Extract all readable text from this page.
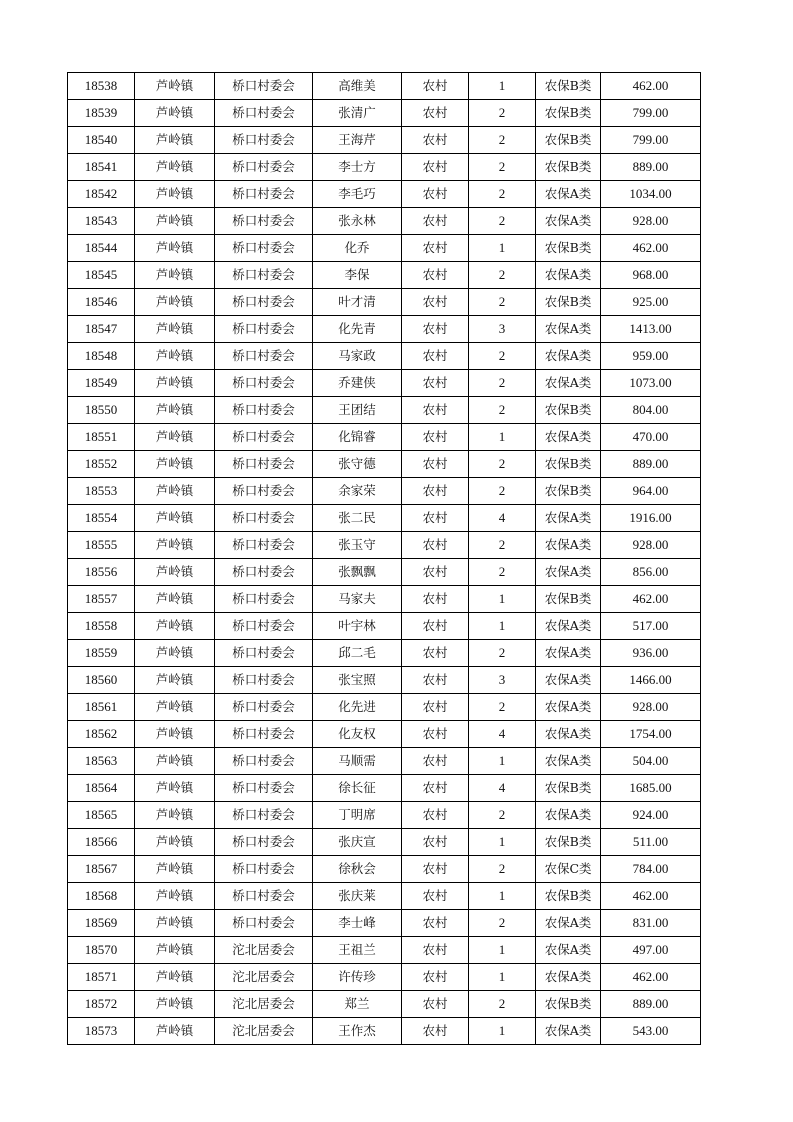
18538	芦岭镇	桥口村委会	高维美	农村	1	农保B类	462.00
18539	芦岭镇	桥口村委会	张清广	农村	2	农保B类	799.00
18540	芦岭镇	桥口村委会	王海芹	农村	2	农保B类	799.00
18541	芦岭镇	桥口村委会	李士方	农村	2	农保B类	889.00
18542	芦岭镇	桥口村委会	李毛巧	农村	2	农保A类	1034.00
18543	芦岭镇	桥口村委会	张永林	农村	2	农保A类	928.00
18544	芦岭镇	桥口村委会	化乔	农村	1	农保B类	462.00
18545	芦岭镇	桥口村委会	李保	农村	2	农保A类	968.00
18546	芦岭镇	桥口村委会	叶才清	农村	2	农保B类	925.00
18547	芦岭镇	桥口村委会	化先青	农村	3	农保A类	1413.00
18548	芦岭镇	桥口村委会	马家政	农村	2	农保A类	959.00
18549	芦岭镇	桥口村委会	乔建侠	农村	2	农保A类	1073.00
18550	芦岭镇	桥口村委会	王团结	农村	2	农保B类	804.00
18551	芦岭镇	桥口村委会	化锦睿	农村	1	农保A类	470.00
18552	芦岭镇	桥口村委会	张守德	农村	2	农保B类	889.00
18553	芦岭镇	桥口村委会	余家荣	农村	2	农保B类	964.00
18554	芦岭镇	桥口村委会	张二民	农村	4	农保A类	1916.00
18555	芦岭镇	桥口村委会	张玉守	农村	2	农保A类	928.00
18556	芦岭镇	桥口村委会	张飘飘	农村	2	农保A类	856.00
18557	芦岭镇	桥口村委会	马家夫	农村	1	农保B类	462.00
18558	芦岭镇	桥口村委会	叶宇林	农村	1	农保A类	517.00
18559	芦岭镇	桥口村委会	邱二毛	农村	2	农保A类	936.00
18560	芦岭镇	桥口村委会	张宝照	农村	3	农保A类	1466.00
18561	芦岭镇	桥口村委会	化先进	农村	2	农保A类	928.00
18562	芦岭镇	桥口村委会	化友权	农村	4	农保A类	1754.00
18563	芦岭镇	桥口村委会	马顺需	农村	1	农保A类	504.00
18564	芦岭镇	桥口村委会	徐长征	农村	4	农保B类	1685.00
18565	芦岭镇	桥口村委会	丁明席	农村	2	农保A类	924.00
18566	芦岭镇	桥口村委会	张庆宣	农村	1	农保B类	511.00
18567	芦岭镇	桥口村委会	徐秋会	农村	2	农保C类	784.00
18568	芦岭镇	桥口村委会	张庆莱	农村	1	农保B类	462.00
18569	芦岭镇	桥口村委会	李士峰	农村	2	农保A类	831.00
18570	芦岭镇	沱北居委会	王祖兰	农村	1	农保A类	497.00
18571	芦岭镇	沱北居委会	许传珍	农村	1	农保A类	462.00
18572	芦岭镇	沱北居委会	郑兰	农村	2	农保B类	889.00
18573	芦岭镇	沱北居委会	王作杰	农村	1	农保A类	543.00
